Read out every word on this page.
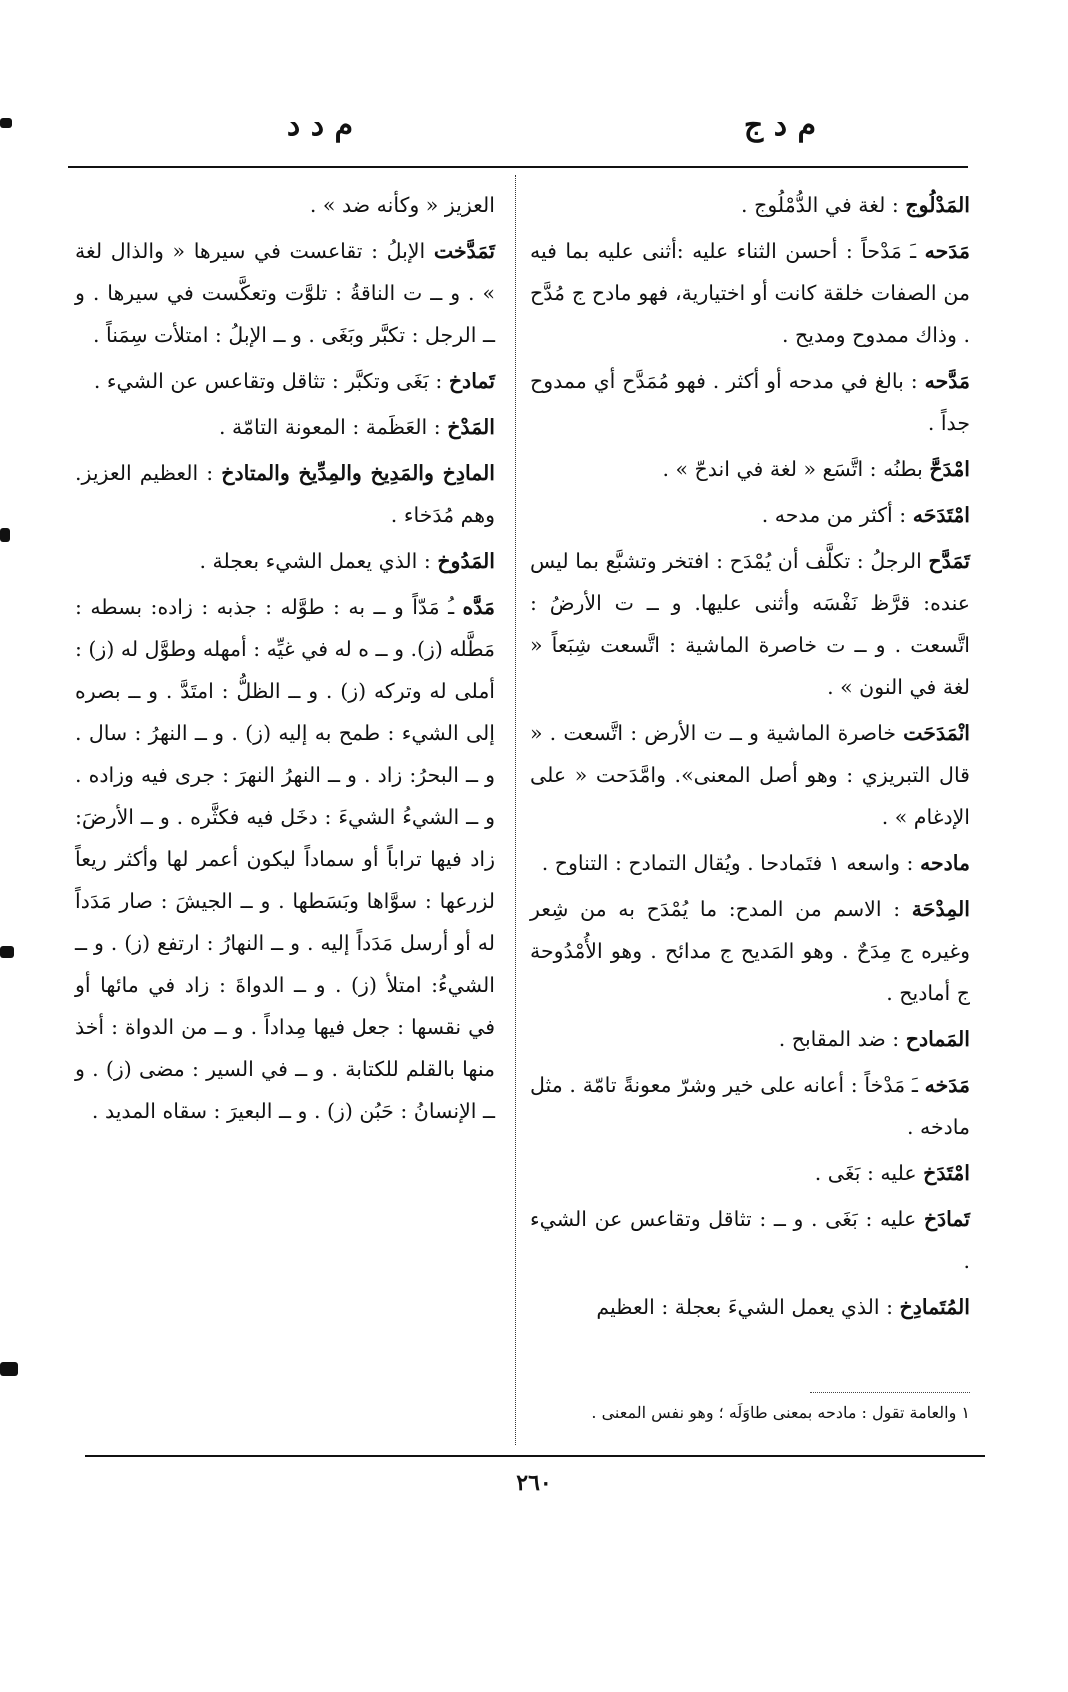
م د ج
م د د

المَدْلُوج : لغة في الدُّمْلُوج .

مَدَحه ـَ مَدْحاً : أحسن الثناء عليه :أثنى عليه بما فيه من الصفات خلقة كانت أو اختيارية، فهو مادح ج مُدَّح . وذاك ممدوح ومديح .

مَدَّحه : بالغ في مدحه أو أكثر . فهو مُمَدَّح أي ممدوح جداً .

امْدَحَّ بطنُه : اتَّسَع « لغة في اندحّ » .

امْتَدَحَه : أكثر من مدحه .

تَمَدَّح الرجلُ : تكلَّف أن يُمْدَح : افتخر وتشبَّع بما ليس عنده: قرَّظ نَفْسَه وأثنى عليها. و ــ ت الأرضُ : اتَّسعت . و ــ ت خاصرة الماشية : اتَّسعت شِبَعاً « لغة في النون » .

انْمَدَحَت خاصرة الماشية و ــ ت الأرض : اتَّسعت . « قال التبريزي : وهو أصل المعنى». وامَّدَحت « على الإدغام » .

مادحه : واسعه ١ فتَمادحا . ويُقال التمادح : التناوح .

المِدْحَة : الاسم من المدح: ما يُمْدَح به من شِعر وغيره ج مِدَحٌ . وهو المَديح ج مدائح . وهو الأُمْدُوحة ج أماديح .

المَمادح : ضد المقابح .

مَدَخه ـَ مَدْخاً : أعانه على خير وشرّ معونةً تامّة . مثل مادخه .

امْتَدَخ عليه : بَغَى .

تَمادَخ عليه : بَغَى . و ــ : تثاقل وتقاعس عن الشيء .

المُتَمادِخ : الذي يعمل الشيءَ بعجلة : العظيم

العزيز « وكأنه ضد » .

تَمَدَّخت الإبلُ : تقاعست في سيرها « والذال لغة » . و ــ ت الناقةُ : تلوَّت وتعكَّست في سيرها . و ــ الرجل : تكبَّر وبَغَى . و ــ الإبلُ : امتلأت سِمَناً .

تَمادخ : بَغَى وتكبَّر : تثاقل وتقاعس عن الشيء .

المَدْخ : العَظَمة : المعونة التامّة .

المادِخ والمَدِيخ والمِدِّيخ والمتادخ : العظيم العزيز. وهم مُدَخاء .

المَدُوخ : الذي يعمل الشيء بعجلة .

مَدَّه ـُ مَدّاً و ــ به : طوَّله : جذبه : زاده: بسطه : مَطَّله (ز). و ــ ه له في غيِّه : أمهله وطوَّل له (ز) : أملى له وتركه (ز) . و ــ الظلُّ : امتَدَّ . و ــ بصره إلى الشيء : طمح به إليه (ز) . و ــ النهرُ : سال . و ــ البحرُ: زاد . و ــ النهرُ النهرَ : جرى فيه وزاده . و ــ الشيءُ الشيءَ : دخَل فيه فكثَّره . و ــ الأرضَ: زاد فيها تراباً أو سماداً ليكون أعمر لها وأكثر ريعاً لزرعها : سوَّاها وبَسَطها . و ــ الجيشَ : صار مَدَداً له أو أرسل مَدَداً إليه . و ــ النهارُ : ارتفع (ز) . و ــ الشيءُ: امتلأ (ز) . و ــ الدواةَ : زاد في مائها أو في نقسها : جعل فيها مِداداً . و ــ من الدواة : أخذ منها بالقلم للكتابة . و ــ في السير : مضى (ز) . و ــ الإنسانُ : حَبُن (ز) . و ــ البعيرَ : سقاه المديد .

١ والعامة تقول : مادحه بمعنى طاوَلَه ؛ وهو نفس المعنى .
٢٦٠
